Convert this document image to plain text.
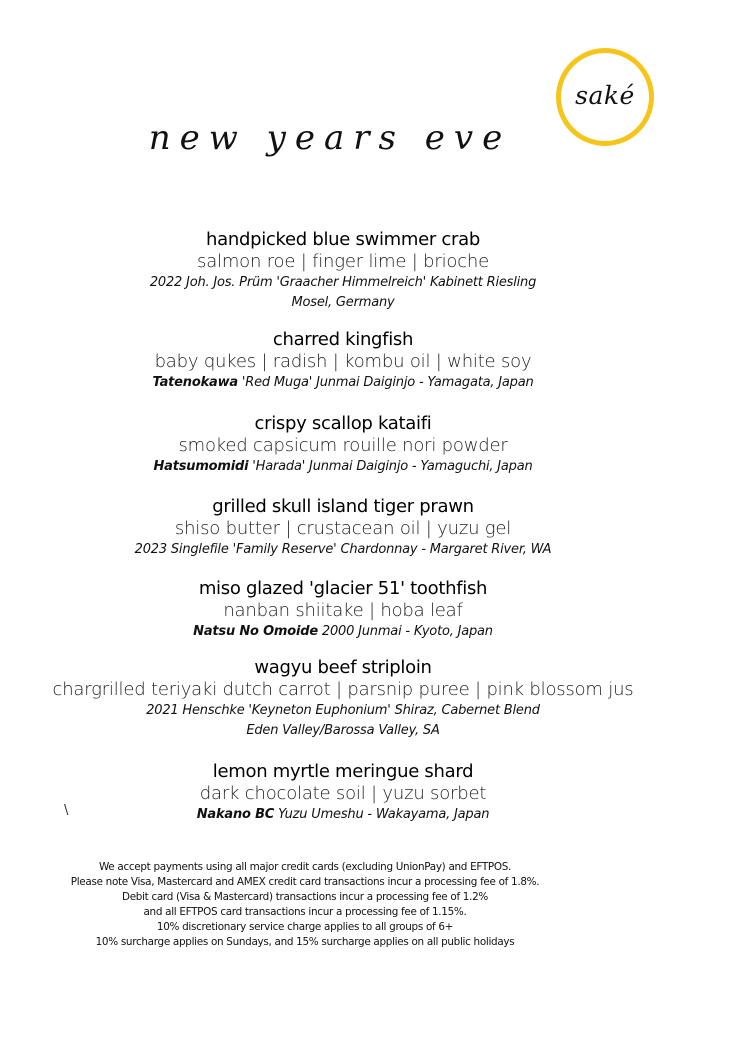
saké
new years eve
handpicked blue swimmer crab
salmon roe | finger lime | brioche
2022 Joh. Jos. Prüm 'Graacher Himmelreich' Kabinett Riesling
Mosel, Germany
charred kingfish
baby qukes | radish | kombu oil | white soy
Tatenokawa 'Red Muga' Junmai Daiginjo - Yamagata, Japan
crispy scallop kataifi
smoked capsicum rouille nori powder
Hatsumomidi 'Harada' Junmai Daiginjo - Yamaguchi, Japan
grilled skull island tiger prawn
shiso butter | crustacean oil | yuzu gel
2023 Singlefile 'Family Reserve' Chardonnay - Margaret River, WA
miso glazed 'glacier 51' toothfish
nanban shiitake | hoba leaf
Natsu No Omoide 2000 Junmai - Kyoto, Japan
wagyu beef striploin
chargrilled teriyaki dutch carrot | parsnip puree | pink blossom jus
2021 Henschke 'Keyneton Euphonium' Shiraz, Cabernet Blend
Eden Valley/Barossa Valley, SA
lemon myrtle meringue shard
dark chocolate soil | yuzu sorbet
Nakano BC Yuzu Umeshu - Wakayama, Japan
\
We accept payments using all major credit cards (excluding UnionPay) and EFTPOS.
Please note Visa, Mastercard and AMEX credit card transactions incur a processing fee of 1.8%.
Debit card (Visa & Mastercard) transactions incur a processing fee of 1.2%
and all EFTPOS card transactions incur a processing fee of 1.15%.
10% discretionary service charge applies to all groups of 6+
10% surcharge applies on Sundays, and 15% surcharge applies on all public holidays
